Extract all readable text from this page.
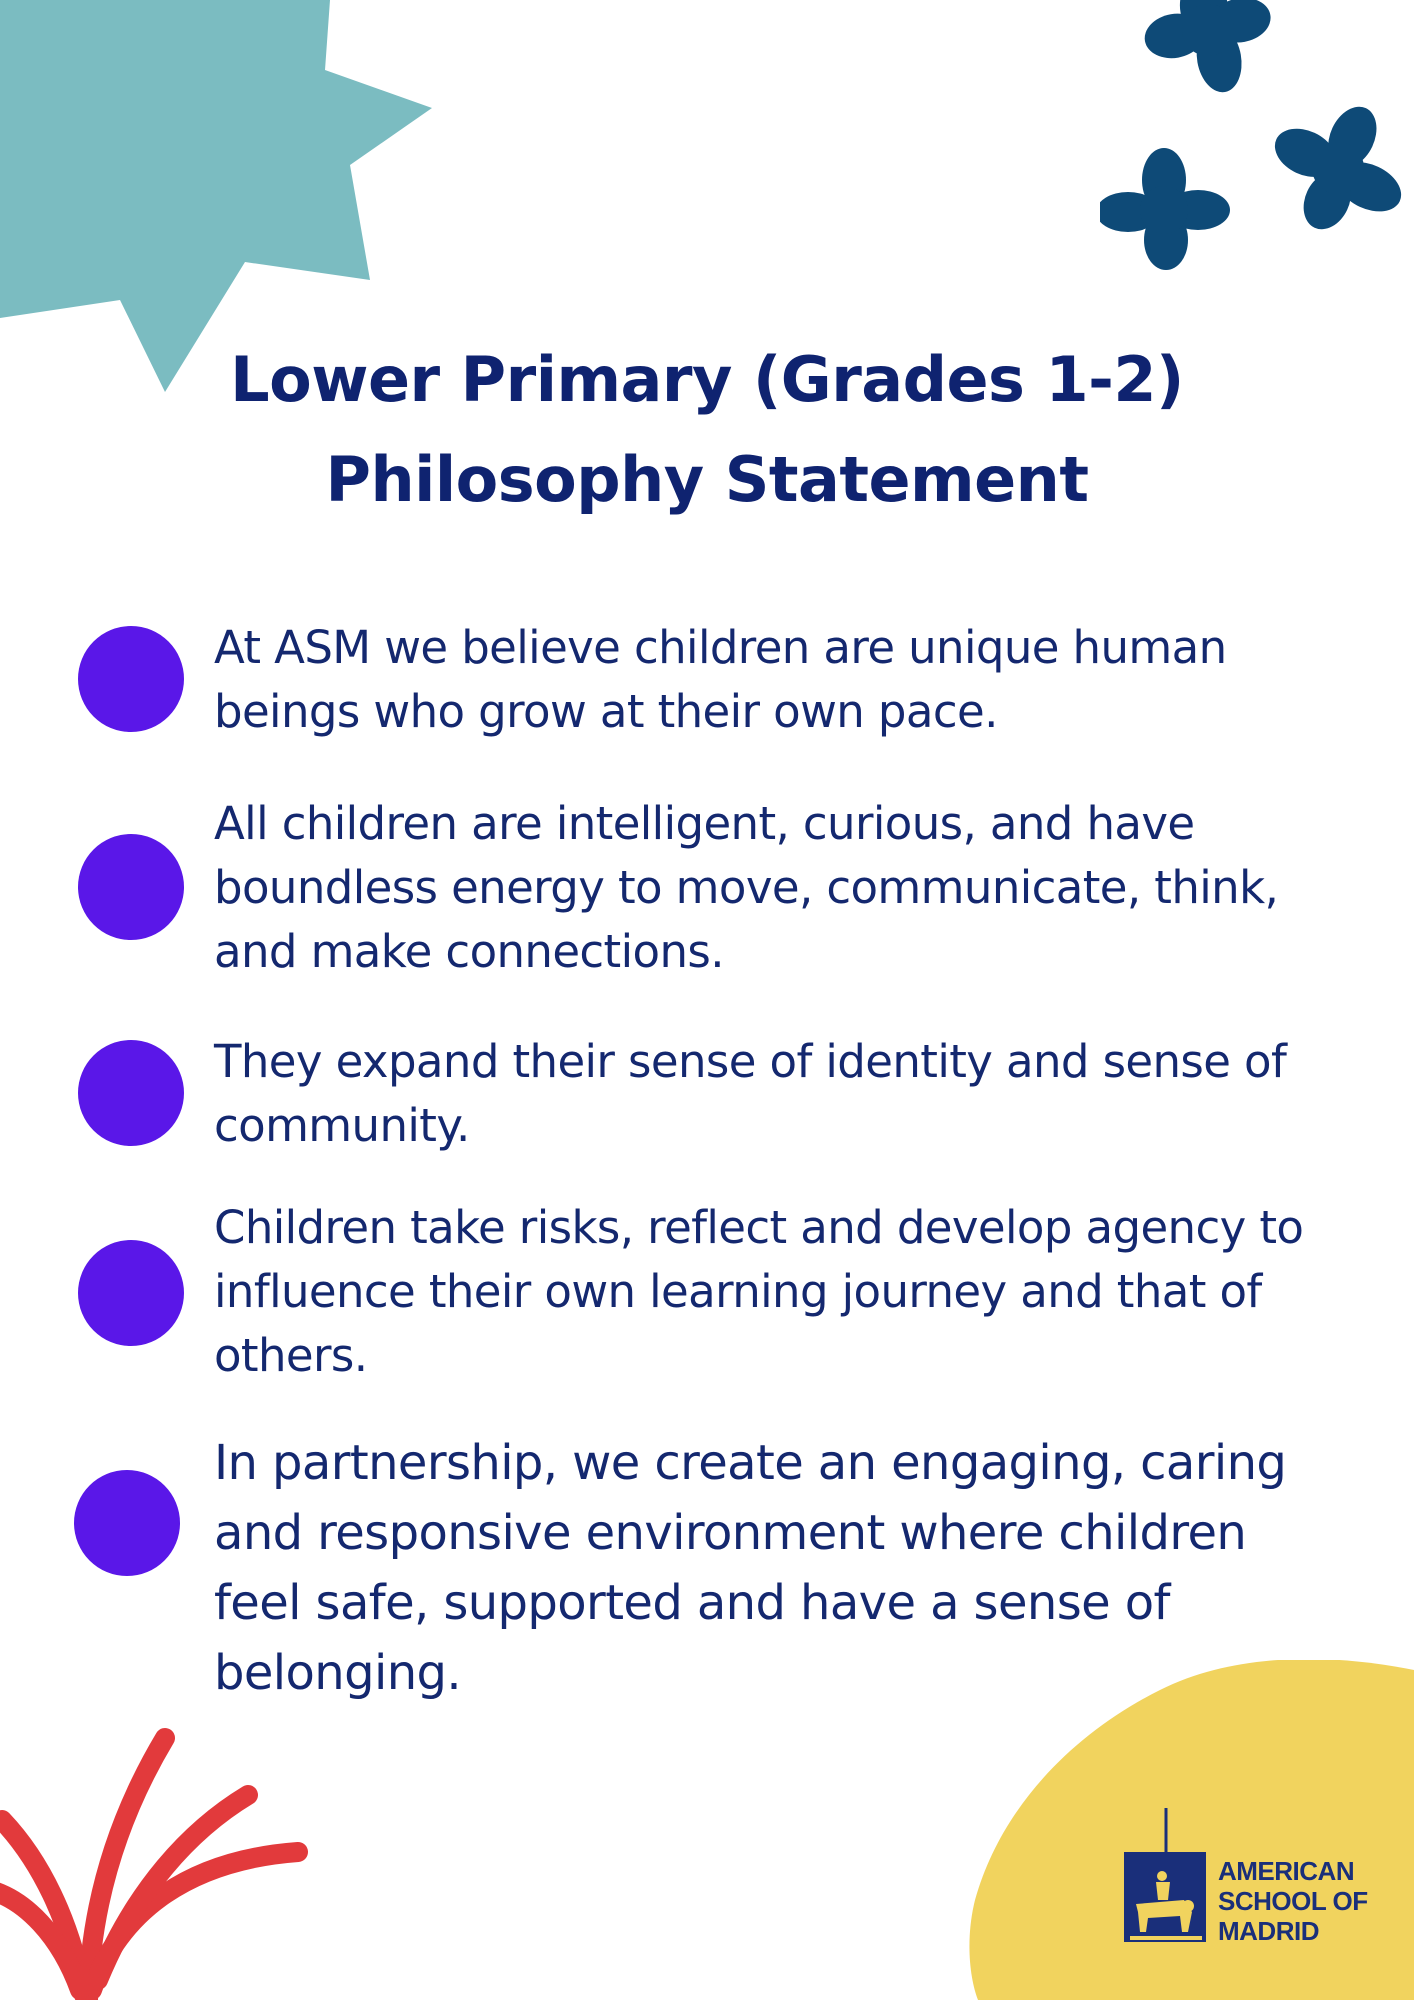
Lower Primary (Grades 1-2)
Philosophy Statement

At ASM we believe children are unique human beings who grow at their own pace.

All children are intelligent, curious, and have boundless energy to move, communicate, think, and make connections.

They expand their sense of identity and sense of community.

Children take risks, reflect and develop agency to influence their own learning journey and that of others.

In partnership, we create an engaging, caring and responsive environment where children feel safe, supported and have a sense of belonging.

AMERICAN
SCHOOL OF
MADRID
